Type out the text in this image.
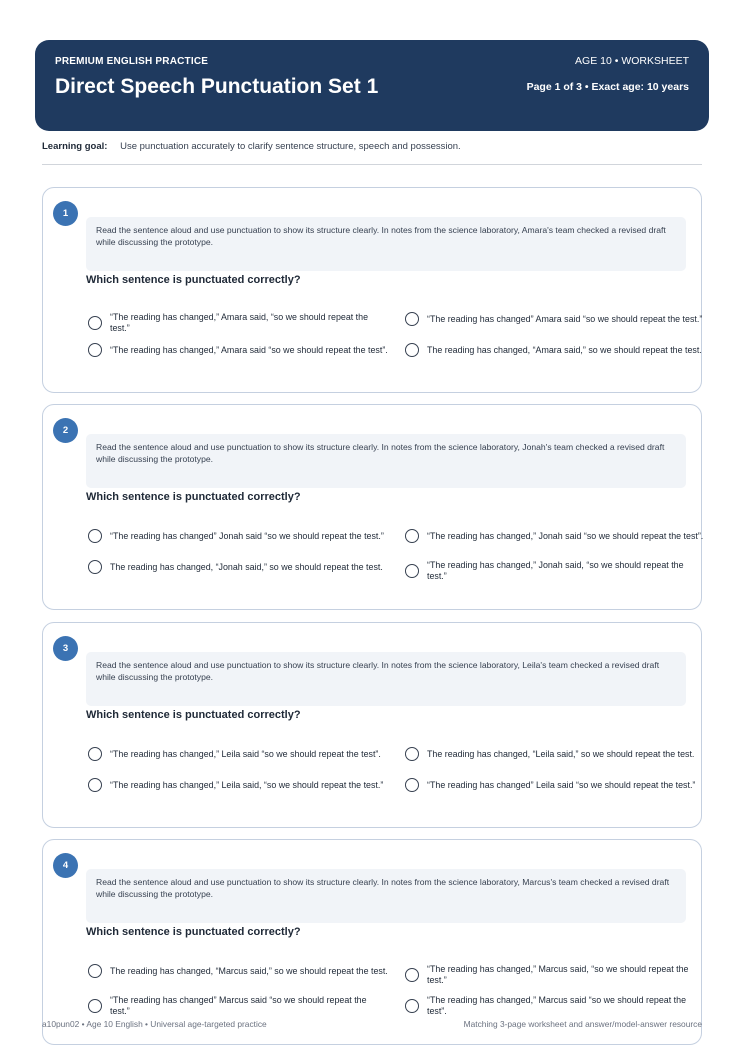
PREMIUM ENGLISH PRACTICE
Direct Speech Punctuation Set 1
AGE 10 • WORKSHEET
Page 1 of 3 • Exact age: 10 years
Learning goal: Use punctuation accurately to clarify sentence structure, speech and possession.
1
Read the sentence aloud and use punctuation to show its structure clearly. In notes from the science laboratory, Amara's team checked a revised draft while discussing the prototype.
Which sentence is punctuated correctly?
“The reading has changed,” Amara said, “so we should repeat the test.”
“The reading has changed” Amara said “so we should repeat the test.”
“The reading has changed,” Amara said “so we should repeat the test”.	The reading has changed, “Amara said,” so we should repeat the test.
2
Read the sentence aloud and use punctuation to show its structure clearly. In notes from the science laboratory, Jonah's team checked a revised draft while discussing the prototype.
Which sentence is punctuated correctly?
“The reading has changed” Jonah said “so we should repeat the test.”	“The reading has changed,” Jonah said “so we should repeat the test”.
The reading has changed, “Jonah said,” so we should repeat the test.	“The reading has changed,” Jonah said, “so we should repeat the test.”
3
Read the sentence aloud and use punctuation to show its structure clearly. In notes from the science laboratory, Leila's team checked a revised draft while discussing the prototype.
Which sentence is punctuated correctly?
“The reading has changed,” Leila said “so we should repeat the test”.	The reading has changed, “Leila said,” so we should repeat the test.
“The reading has changed,” Leila said, “so we should repeat the test.”	“The reading has changed” Leila said “so we should repeat the test.”
4
Read the sentence aloud and use punctuation to show its structure clearly. In notes from the science laboratory, Marcus's team checked a revised draft while discussing the prototype.
Which sentence is punctuated correctly?
The reading has changed, “Marcus said,” so we should repeat the test.	“The reading has changed,” Marcus said, “so we should repeat the test.”
“The reading has changed” Marcus said “so we should repeat the test.”
“The reading has changed,” Marcus said “so we should repeat the test”.
a10pun02 • Age 10 English • Universal age-targeted practice	Matching 3-page worksheet and answer/model-answer resource
